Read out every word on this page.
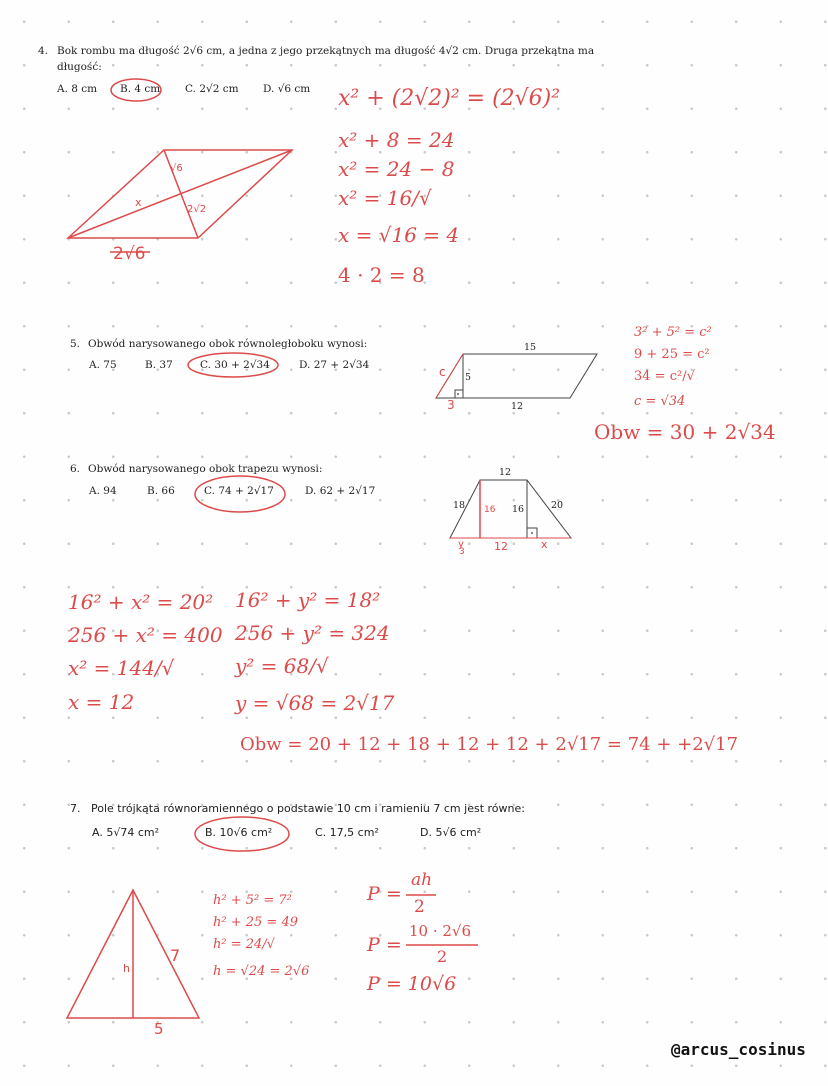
4. Bok rombu ma długość 2√6 cm, a jedna z jego przekątnych ma długość 4√2 cm. Druga przekątna ma
długość:
A. 8 cm B. 4 cm C. 2√2 cm D. √6 cm x² + (2√2)² = (2√6)²
x² + 8 = 24
x² = 24 − 8
x² = 16/√
x = √16 = 4
4 · 2 = 8
√6
x
2√2
2√6
5. Obwód narysowanego obok równoległoboku wynosi:
A. 75	B. 37	C. 30 + 2√34	D. 27 + 2√34
15
12
5
c
3
3² + 5² = c²
9 + 25 = c²
34 = c²/√
c = √34
Obw = 30 + 2√34
6. Obwód narysowanego obok trapezu wynosi:
A. 94	B. 66	C. 74 + 2√17	D. 62 + 2√17
12
18 16 16	20
y
3	12	x
16² + x² = 20²
256 + x² = 400
x² = 144/√
x = 12
16² + y² = 18²
256 + y² = 324
y² = 68/√
y = √68 = 2√17
Obw = 20 + 12 + 18 + 12 + 12 + 2√17 = 74 + +2√17
7. Pole trójkąta równoramiennego o podstawie 10 cm i ramieniu 7 cm jest równe:
A. 5√74 cm²	B. 10√6 cm²	C. 17,5 cm²	D. 5√6 cm²
h
7
5
h² + 5² = 7²
h² + 25 = 49
h² = 24/√
h = √24 = 2√6
P =
ah
2
P =
10 · 2√6
2
P = 10√6
@arcus_cosinus
